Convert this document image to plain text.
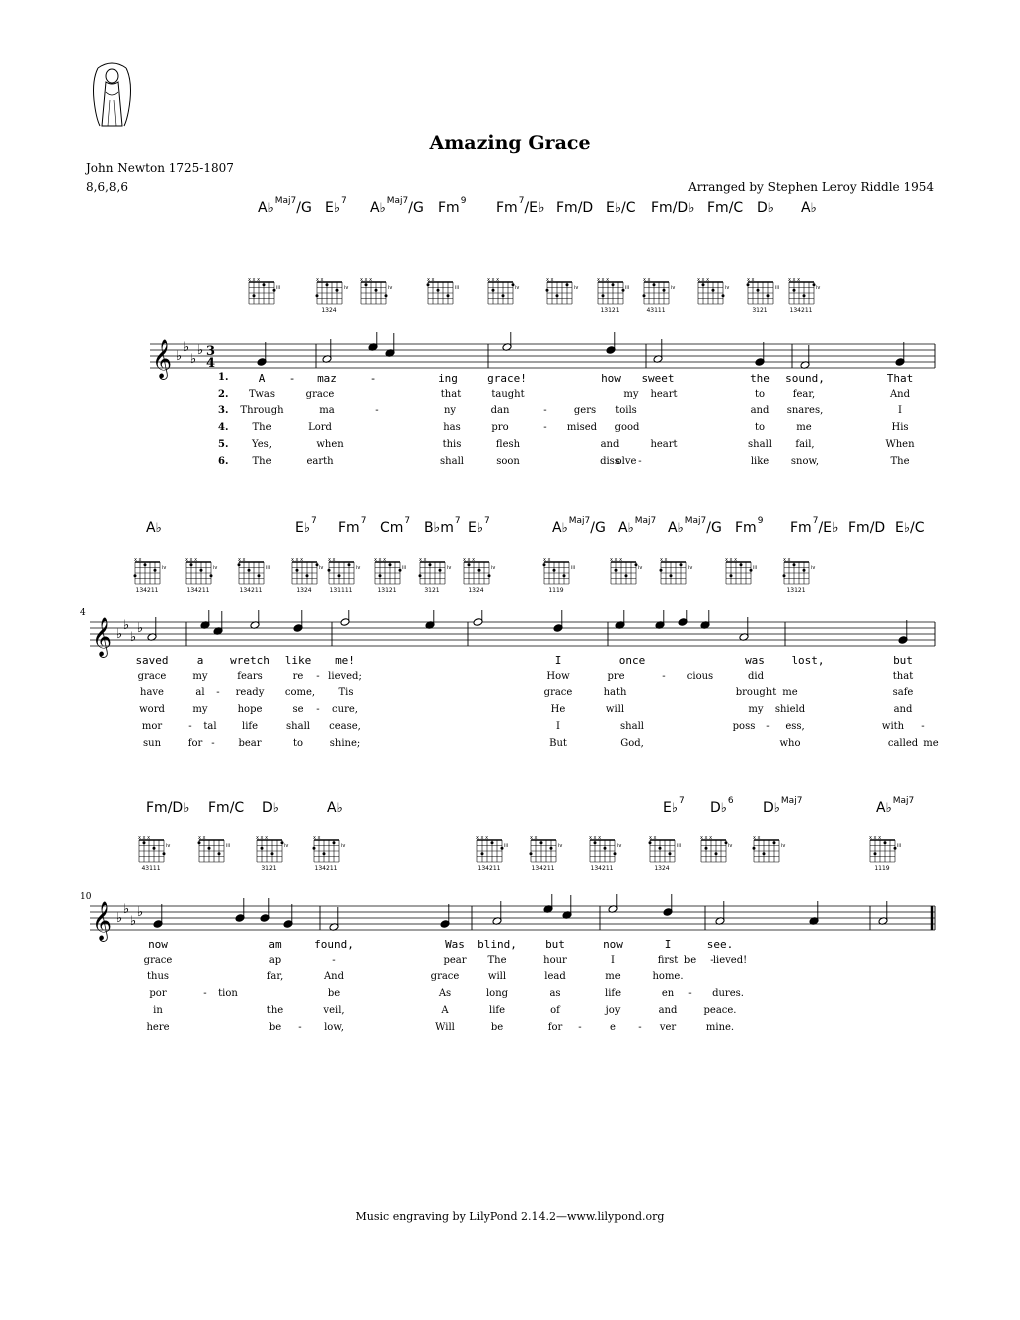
Amazing Grace
John Newton 1725-1807
8,6,8,6	Arranged by Stephen Leroy Riddle 1954
A♭$^{Maj7}$/G E♭$^7$ A♭$^{Maj7}$/G Fm$^9$ Fm$^7$/E♭ Fm/D E♭/C Fm/D♭ Fm/C D♭ A♭
x x x
iii
x x
iv
1324
x x x
iv
x x
iii
x x x
iv
x x
iv
x x x
iii
13121
x x
iv
43111
x x x
iv
x x
iii
3121
x x x
iv
134211
𝄞 ♭
♭
♭
♭ 3
4
1.	A - maz	-	ing	grace!	how sweet	the sound,	That
2. Twas	grace	that	taught	my heart	to	fear,	And
3. Through	ma	-	ny	dan	-	gers toils	and snares,	I
4. The	Lord	has	pro	- mised good	to	me	His
5. Yes,	when	this	flesh	and	heart	shall fail,	When
6. The	earth	shall	soon	diss -
olve	like snow,	The
4
A♭	E♭$^7$ Fm$^7$ Cm$^7$ $B♭m^7$ E♭$^7$	A♭$^{Maj7}$/G A♭$^{Maj7}$ A♭$^{Maj7}$/G Fm$^9$ Fm$^7$/E♭ Fm/D E♭/C
x x
iv
134211
x x x
iv
134211
x x
iii
134211
x x x
iv
1324
x x
iv
131111
x x x
iii
13121
x x
iv
3121
x x x
iv
1324
x x
iii
1119
x x x
iv
x x
iv
x x x
iii
x x
iv
13121
𝄞 ♭
♭
♭
♭
saved	a wretch like me!	I	once	was lost,	but
grace	my	fears	re - lieved;	How	pre	- cious	did	that
have	al - ready come, Tis	grace	hath	brought me	safe
word	my	hope	se - cure,	He	will	my shield	and
mor	- tal	life	shall cease,	I	shall	poss - ess,	with -
sun	for - bear	to	shine;	But	God,	who	called me
10
Fm/D♭ Fm/C D♭	A♭	E♭$^7$ D♭$^6$ D♭$^{Maj7}$	A♭$^{Maj7}$
x x x
iv
43111
x x
iii
x x x
iv
3121
x x
iv
134211
x x x
iii
134211
x x
iv
134211
x x x
iv
134211
x x
iii
1324
x x x
iv
x x
iv
x x x
iii
1119
𝄞 ♭
♭
♭
♭
now	am	found,	Was blind,	but	now	I	see.
grace	ap	-	pear The	hour	I	first be - lieved!
thus	far,	And	grace	will	lead	me	home.
por	- tion	be	As	long	as	life	en - dures.
in	the	veil,	A	life	of	joy	and	peace.
here	be - low,	Will	be	for -	e - ver	mine.
Music engraving by LilyPond 2.14.2—www.lilypond.org
